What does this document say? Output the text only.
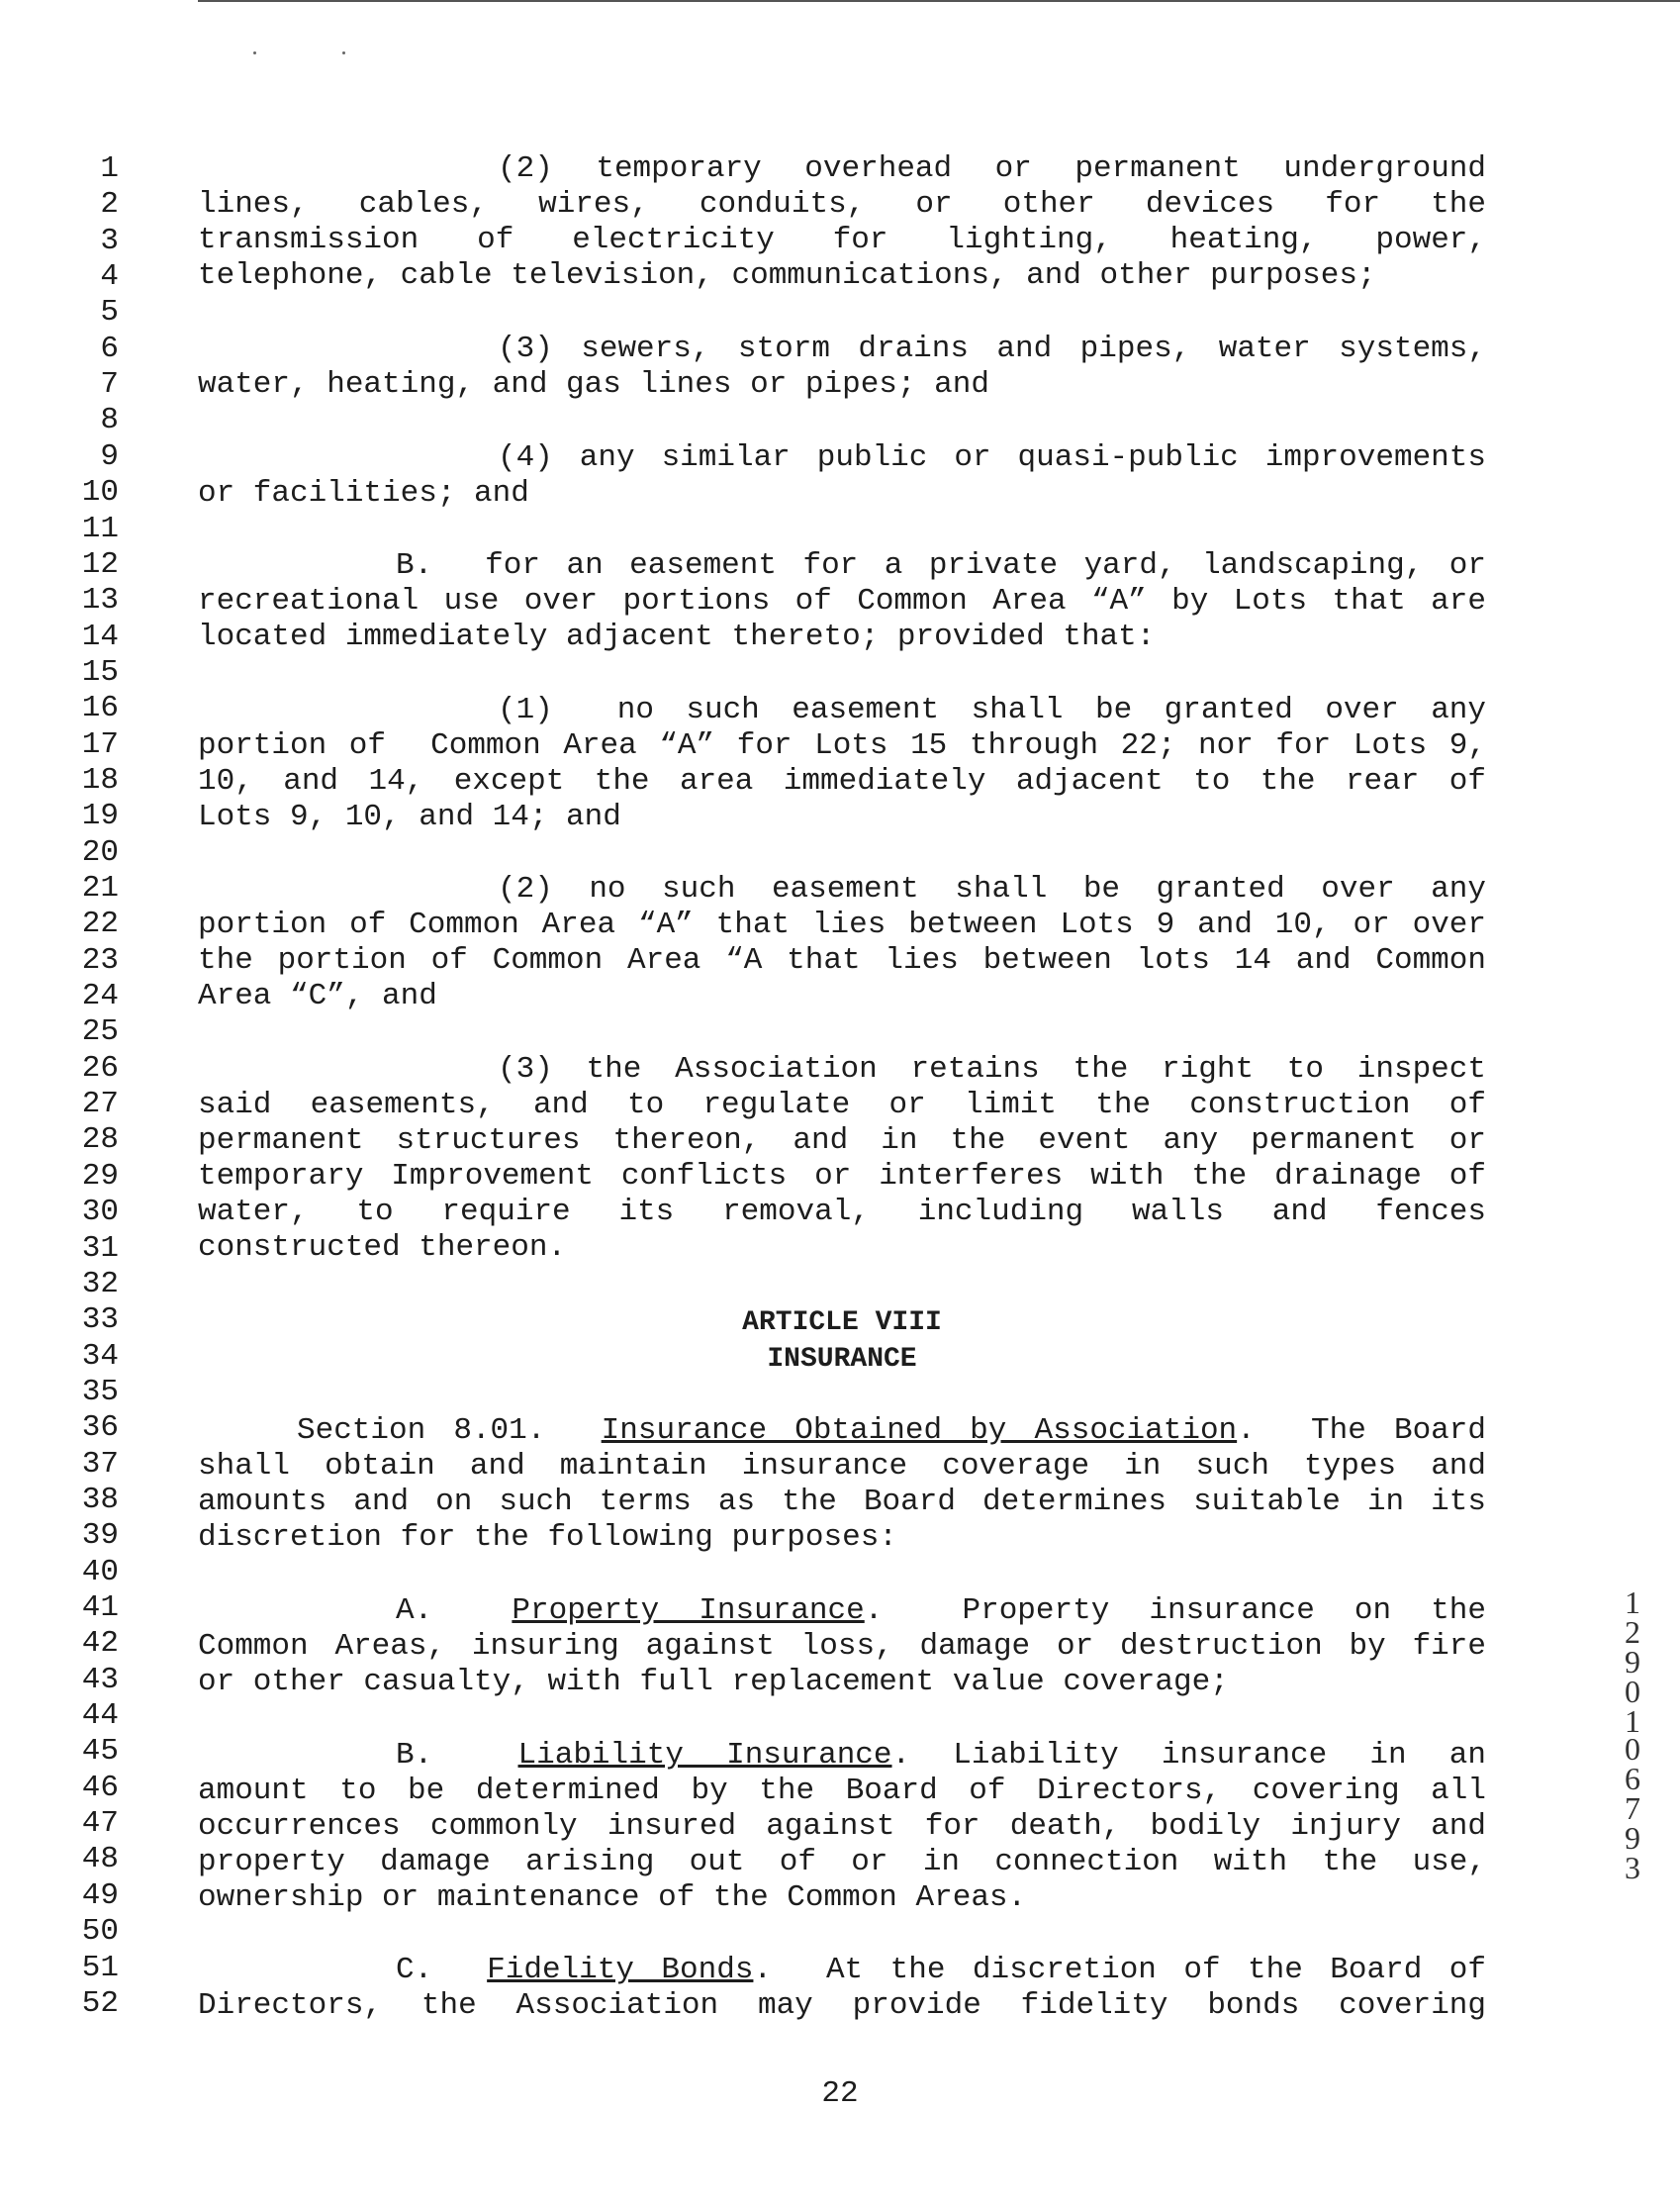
1
2
3
4
5
6
7
8
9
10
11
12
13
14
15
16
17
18
19
20
21
22
23
24
25
26
27
28
29
30
31
32
33
34
35
36
37
38
39
40
41
42
43
44
45
46
47
48
49
50
51
52
(2) temporary overhead or permanent underground
lines, cables, wires, conduits, or other devices for the
transmission of electricity for lighting, heating, power,
telephone, cable television, communications, and other purposes;
(3) sewers, storm drains and pipes, water systems,
water, heating, and gas lines or pipes; and
(4) any similar public or quasi-public improvements
or facilities; and
B.  for an easement for a private yard, landscaping, or
recreational use over portions of Common Area “A” by Lots that are
located immediately adjacent thereto; provided that:
(1)  no such easement shall be granted over any
portion of  Common Area “A” for Lots 15 through 22; nor for Lots 9,
10, and 14, except the area immediately adjacent to the rear of
Lots 9, 10, and 14; and
(2) no such easement shall be granted over any
portion of Common Area “A” that lies between Lots 9 and 10, or over
the portion of Common Area “A that lies between lots 14 and Common
Area “C”, and
(3) the Association retains the right to inspect
said easements, and to regulate or limit the construction of
permanent structures thereon, and in the event any permanent or
temporary Improvement conflicts or interferes with the drainage of
water, to require its removal, including walls and fences
constructed thereon.
ARTICLE VIII
INSURANCE
Section 8.01. Insurance Obtained by Association.  The Board
shall obtain and maintain insurance coverage in such types and
amounts and on such terms as the Board determines suitable in its
discretion for the following purposes:
A.	Property Insurance.  Property insurance on the
Common Areas, insuring against loss, damage or destruction by fire
or other casualty, with full replacement value coverage;
B.	Liability Insurance. Liability insurance in an
amount to be determined by the Board of Directors, covering all
occurrences commonly insured against for death, bodily injury and
property damage arising out of or in connection with the use,
ownership or maintenance of the Common Areas.
C. Fidelity Bonds.  At the discretion of the Board of
Directors, the Association may provide fidelity bonds covering
22
1
2
9
0
1
0
6
7
9
3
